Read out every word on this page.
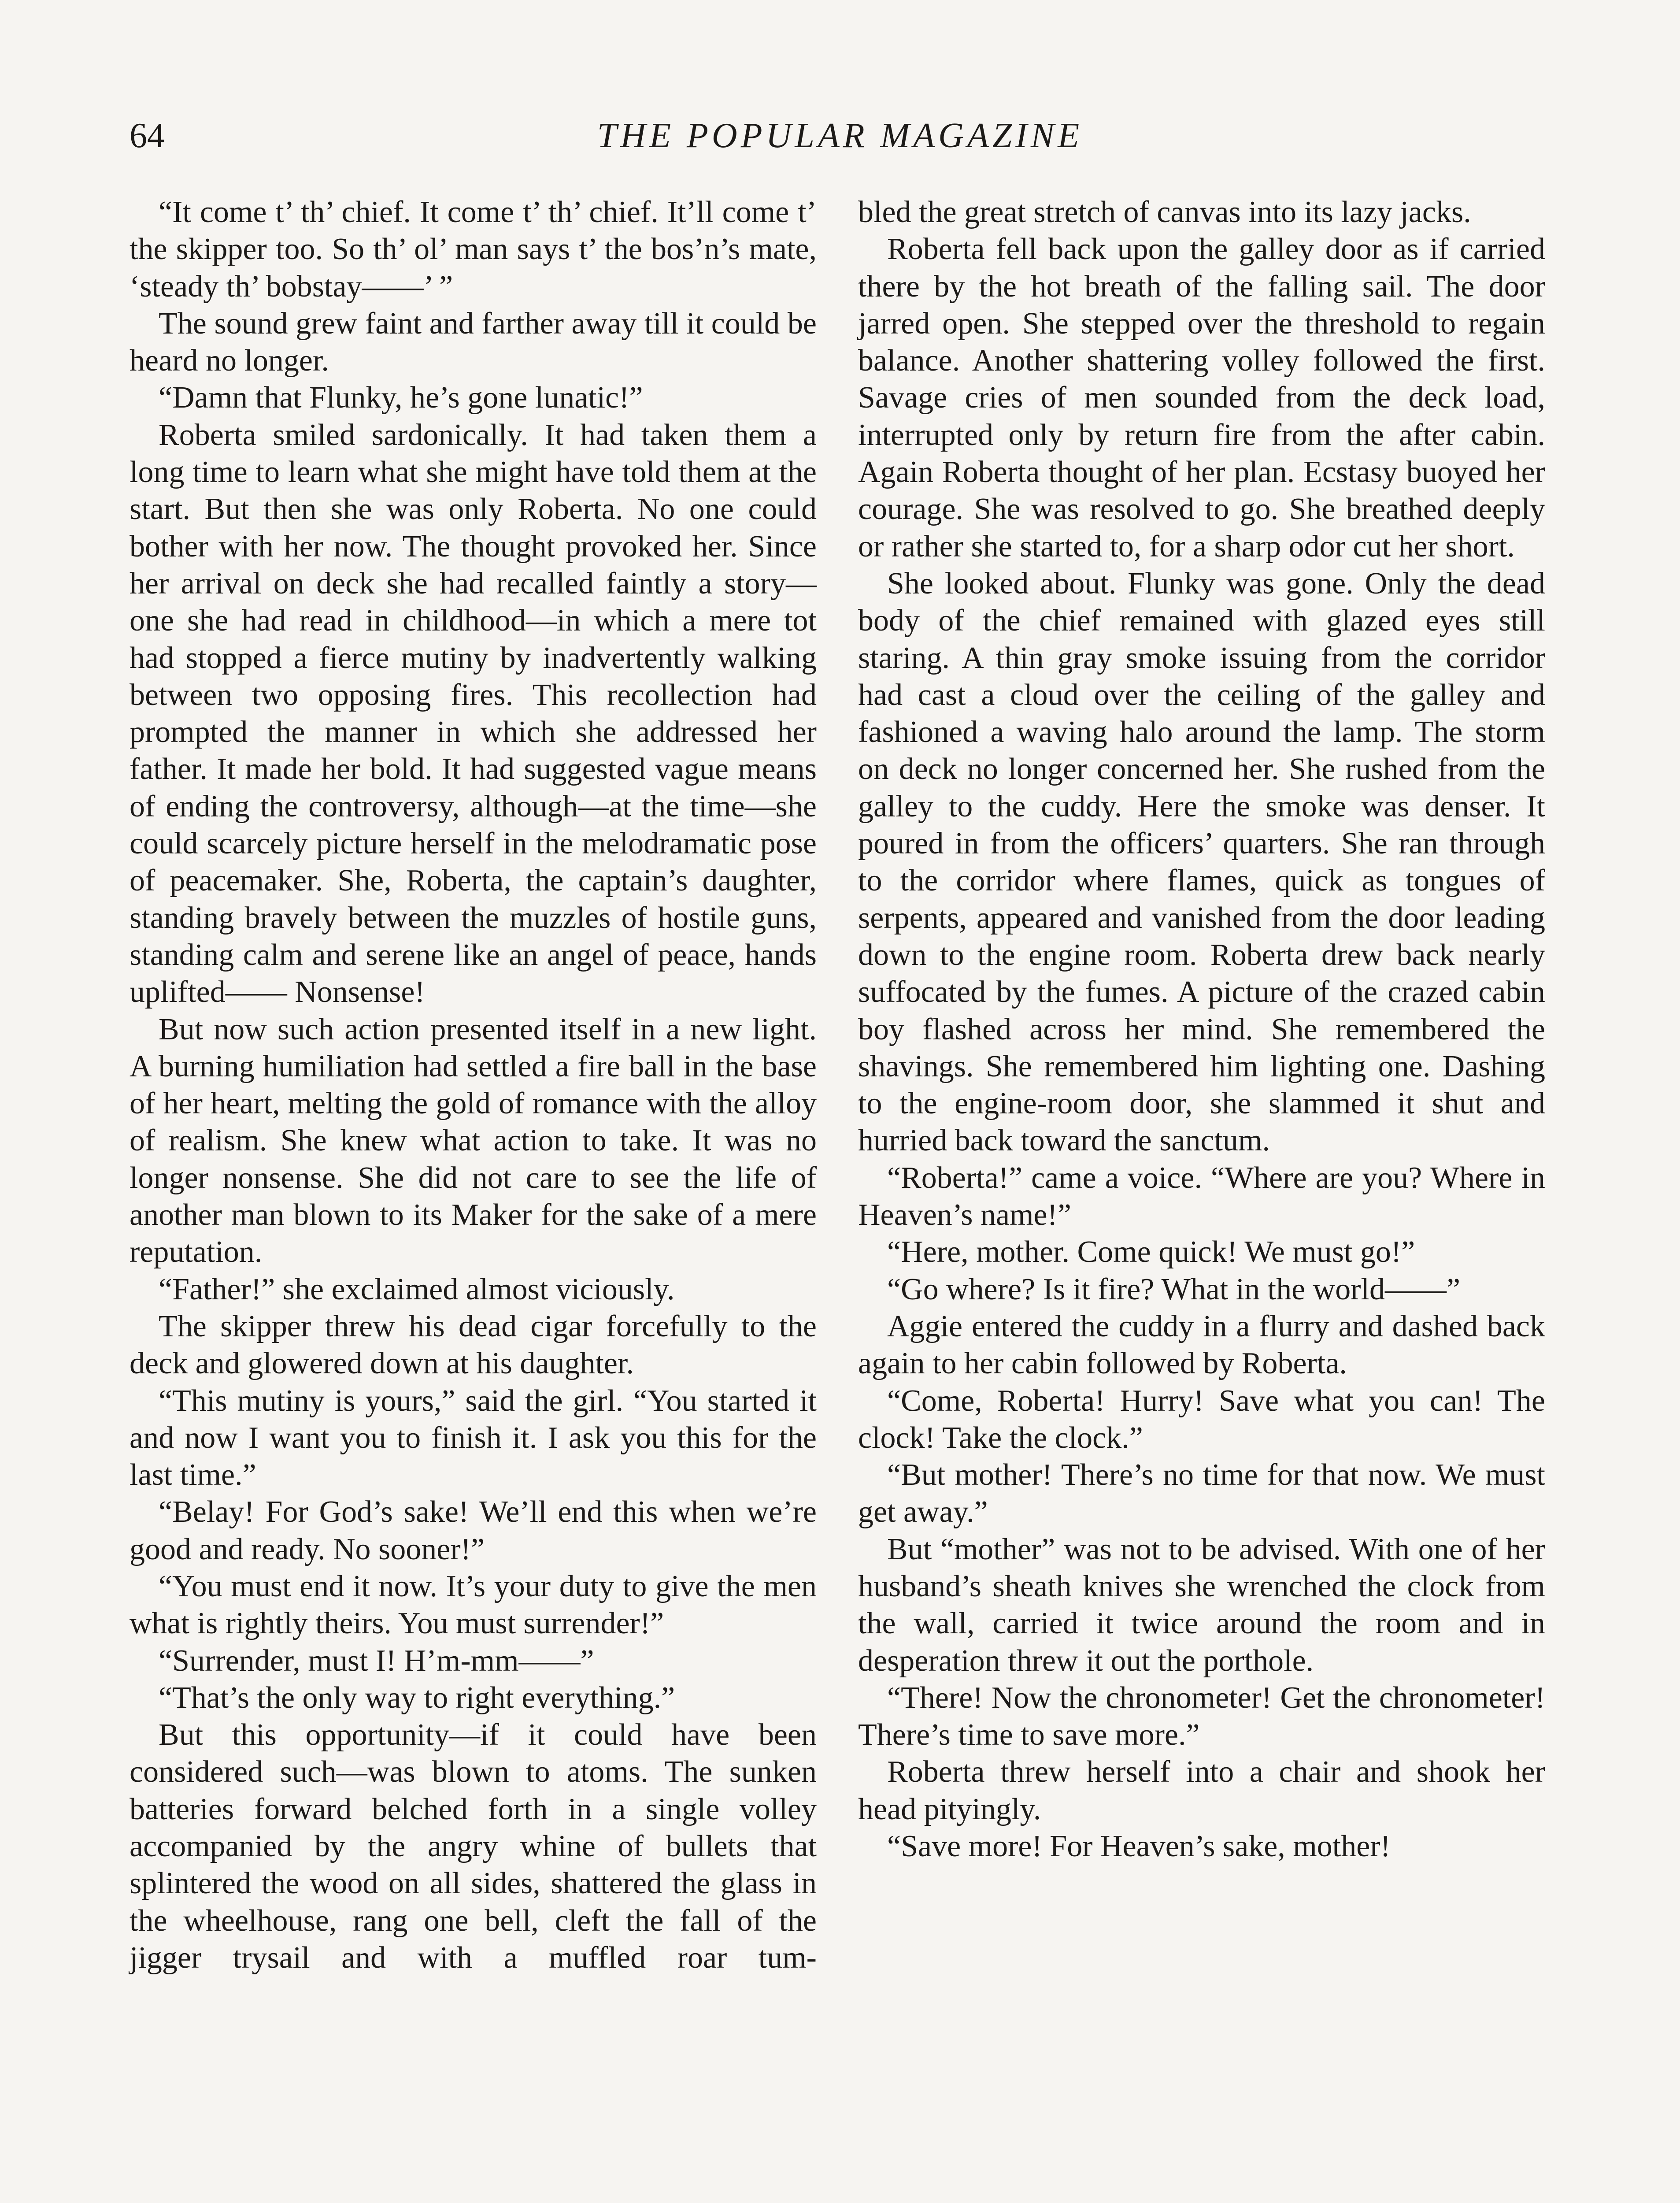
64	THE POPULAR MAGAZINE

“It come t’ th’ chief. It come t’ th’ chief. It’ll come t’ the skipper too. So th’ ol’ man says t’ the bos’n’s mate, ‘steady th’ bobstay——’ ”

The sound grew faint and farther away till it could be heard no longer.

“Damn that Flunky, he’s gone lunatic!”

Roberta smiled sardonically. It had taken them a long time to learn what she might have told them at the start. But then she was only Roberta. No one could bother with her now. The thought provoked her. Since her arrival on deck she had recalled faintly a story—one she had read in childhood—in which a mere tot had stopped a fierce mutiny by inadvertently walking between two opposing fires. This recollection had prompted the manner in which she addressed her father. It made her bold. It had suggested vague means of ending the controversy, although—at the time—she could scarcely picture herself in the melodramatic pose of peacemaker. She, Roberta, the captain’s daughter, standing bravely between the muzzles of hostile guns, standing calm and serene like an angel of peace, hands uplifted—— Nonsense!

But now such action presented itself in a new light. A burning humiliation had settled a fire ball in the base of her heart, melting the gold of romance with the alloy of realism. She knew what action to take. It was no longer nonsense. She did not care to see the life of another man blown to its Maker for the sake of a mere reputation.

“Father!” she exclaimed almost viciously.

The skipper threw his dead cigar forcefully to the deck and glowered down at his daughter.

“This mutiny is yours,” said the girl. “You started it and now I want you to finish it. I ask you this for the last time.”

“Belay! For God’s sake! We’ll end this when we’re good and ready. No sooner!”

“You must end it now. It’s your duty to give the men what is rightly theirs. You must surrender!”

“Surrender, must I! H’m-mm——”

“That’s the only way to right everything.”

But this opportunity—if it could have been considered such—was blown to atoms. The sunken batteries forward belched forth in a single volley accompanied by the angry whine of bullets that splintered the wood on all sides, shattered the glass in the wheelhouse, rang one bell, cleft the fall of the jigger trysail and with a muffled roar tum-

bled the great stretch of canvas into its lazy jacks.

Roberta fell back upon the galley door as if carried there by the hot breath of the falling sail. The door jarred open. She stepped over the threshold to regain balance. Another shattering volley followed the first. Savage cries of men sounded from the deck load, interrupted only by return fire from the after cabin. Again Roberta thought of her plan. Ecstasy buoyed her courage. She was resolved to go. She breathed deeply or rather she started to, for a sharp odor cut her short.

She looked about. Flunky was gone. Only the dead body of the chief remained with glazed eyes still staring. A thin gray smoke issuing from the corridor had cast a cloud over the ceiling of the galley and fashioned a waving halo around the lamp. The storm on deck no longer concerned her. She rushed from the galley to the cuddy. Here the smoke was denser. It poured in from the officers’ quarters. She ran through to the corridor where flames, quick as tongues of serpents, appeared and vanished from the door leading down to the engine room. Roberta drew back nearly suffocated by the fumes. A picture of the crazed cabin boy flashed across her mind. She remembered the shavings. She remembered him lighting one. Dashing to the engine-room door, she slammed it shut and hurried back toward the sanctum.

“Roberta!” came a voice. “Where are you? Where in Heaven’s name!”

“Here, mother. Come quick! We must go!”

“Go where? Is it fire? What in the world——”

Aggie entered the cuddy in a flurry and dashed back again to her cabin followed by Roberta.

“Come, Roberta! Hurry! Save what you can! The clock! Take the clock.”

“But mother! There’s no time for that now. We must get away.”

But “mother” was not to be advised. With one of her husband’s sheath knives she wrenched the clock from the wall, carried it twice around the room and in desperation threw it out the porthole.

“There! Now the chronometer! Get the chronometer! There’s time to save more.”

Roberta threw herself into a chair and shook her head pityingly.

“Save more! For Heaven’s sake, mother!
